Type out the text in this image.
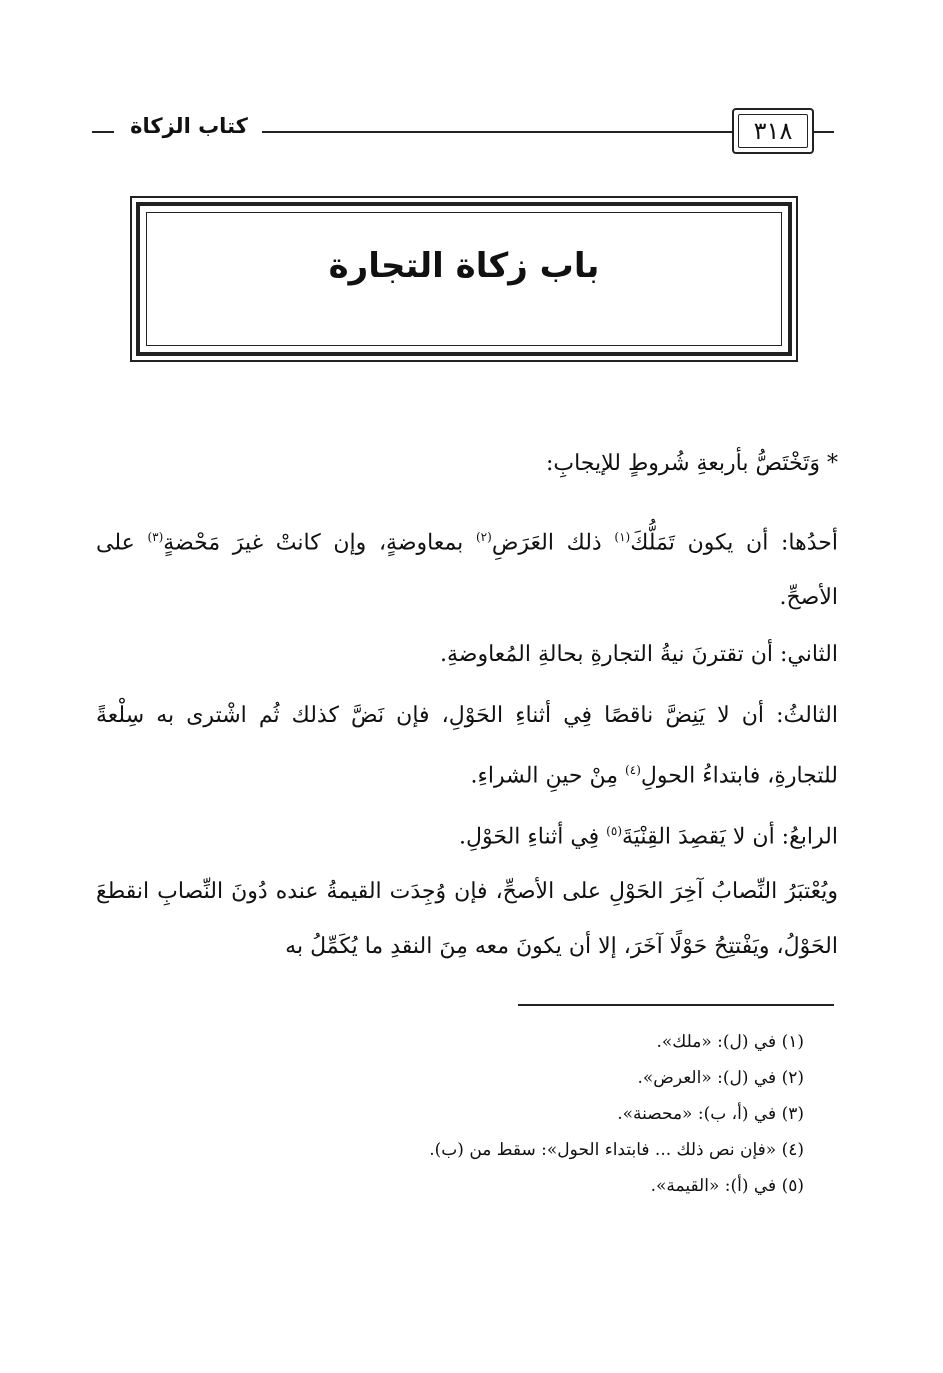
كتاب الزكاة	٣١٨
باب زكاة التجارة

* وَتَخْتَصُّ بأربعةِ شُروطٍ للإيجابِ:

أحدُها: أن يكون تَمَلُّكَ$^{(١)}$ ذلك العَرَضِ$^{(٢)}$ بمعاوضةٍ، وإن كانتْ غيرَ مَحْضةٍ$^{(٣)}$ على الأصحِّ.

الثاني: أن تقترنَ نيةُ التجارةِ بحالةِ المُعاوضةِ.

الثالثُ: أن لا يَنِضَّ ناقصًا فِي أثناءِ الحَوْلِ، فإن نَضَّ كذلك ثُم اشْترى به سِلْعةً للتجارةِ، فابتداءُ الحولِ$^{(٤)}$ مِنْ حينِ الشراءِ.

الرابعُ: أن لا يَقصِدَ القِنْيَةَ$^{(٥)}$ فِي أثناءِ الحَوْلِ.

ويُعْتبَرُ النِّصابُ آخِرَ الحَوْلِ على الأصحِّ، فإن وُجِدَت القيمةُ عنده دُونَ النِّصابِ انقطعَ الحَوْلُ، ويَفْتتِحُ حَوْلًا آخَرَ، إلا أن يكونَ معه مِنَ النقدِ ما يُكَمِّلُ به

(١) في (ل): «ملك».
(٢) في (ل): «العرض».
(٣) في (أ، ب): «محصنة».
(٤) «فإن نص ذلك ... فابتداء الحول»: سقط من (ب).
(٥) في (أ): «القيمة».
